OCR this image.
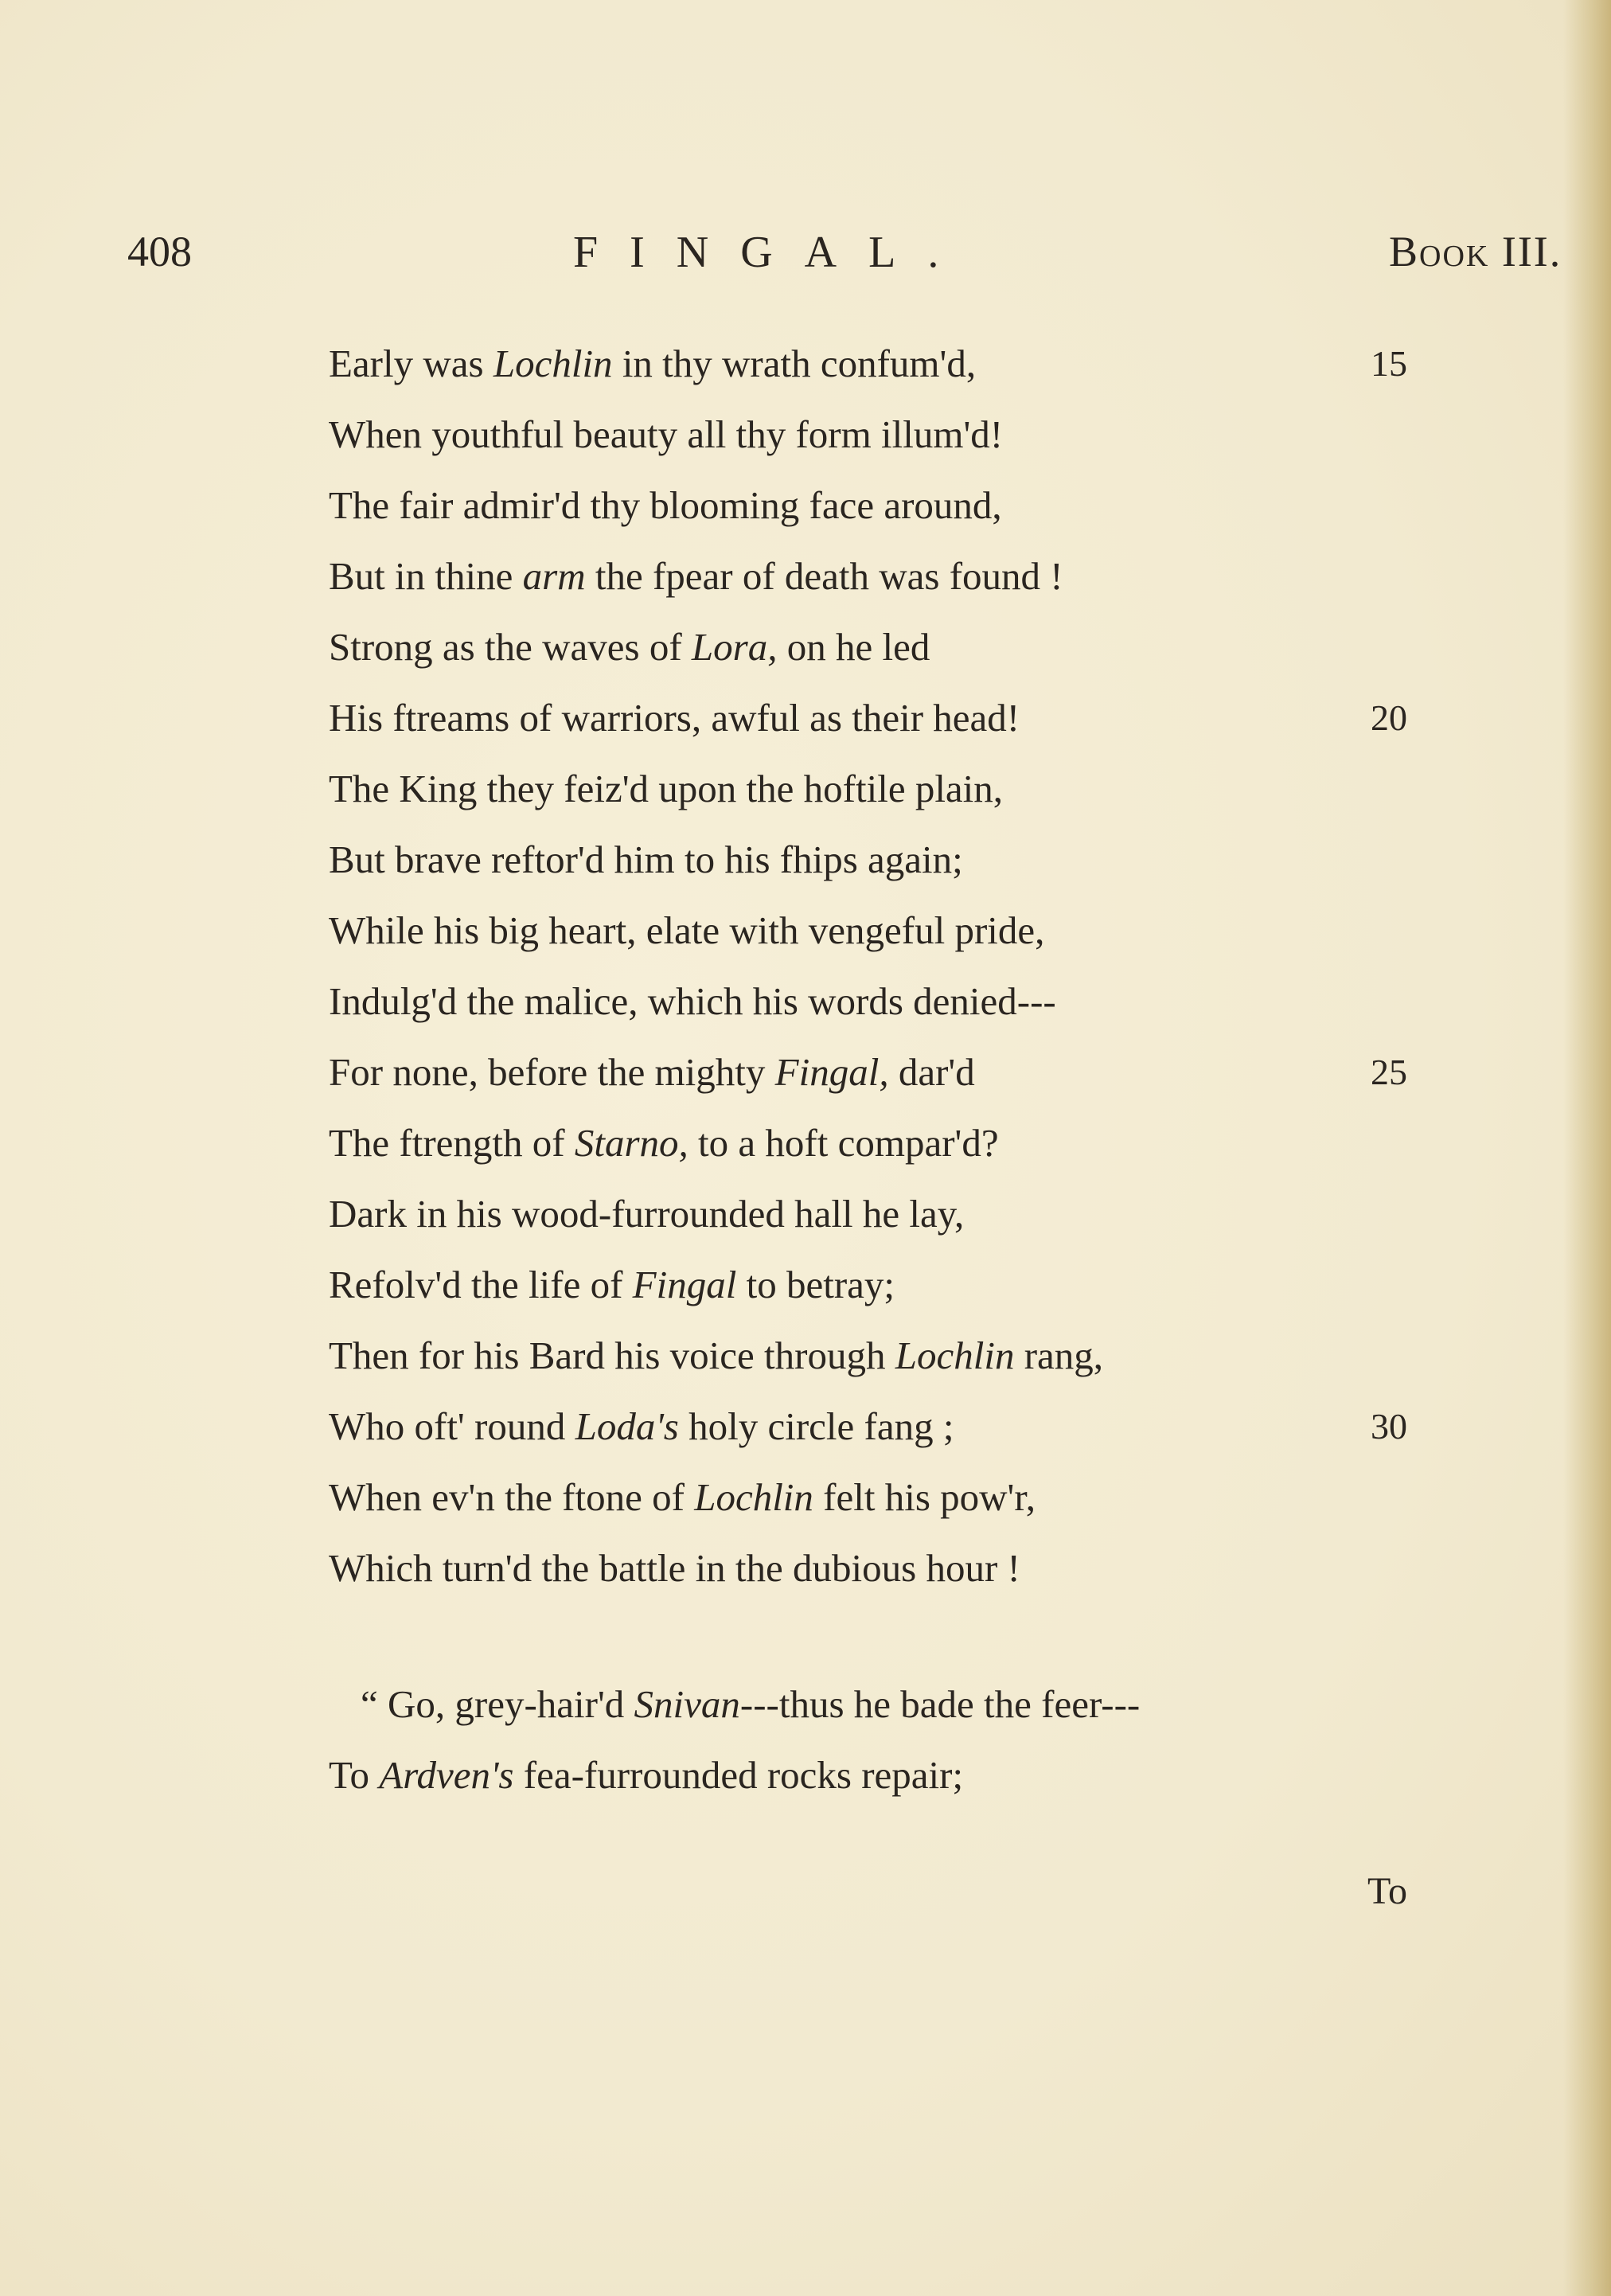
408	FINGAL.	Book III.
Early was Lochlin in thy wrath confum'd,
When youthful beauty all thy form illum'd!
The fair admir'd thy blooming face around,
But in thine arm the fpear of death was found !
Strong as the waves of Lora, on he led
His ftreams of warriors, awful as their head!
The King they feiz'd upon the hoftile plain,
But brave reftor'd him to his fhips again;
While his big heart, elate with vengeful pride,
Indulg'd the malice, which his words denied---
For none, before the mighty Fingal, dar'd
The ftrength of Starno, to a hoft compar'd?
Dark in his wood-furrounded hall he lay,
Refolv'd the life of Fingal to betray;
Then for his Bard his voice through Lochlin rang,
Who oft' round Loda's holy circle fang ;
When ev'n the ftone of Lochlin felt his pow'r,
Which turn'd the battle in the dubious hour !
“ Go, grey-hair'd Snivan---thus he bade the feer---
To Ardven's fea-furrounded rocks repair;
15
20
25
30
To
